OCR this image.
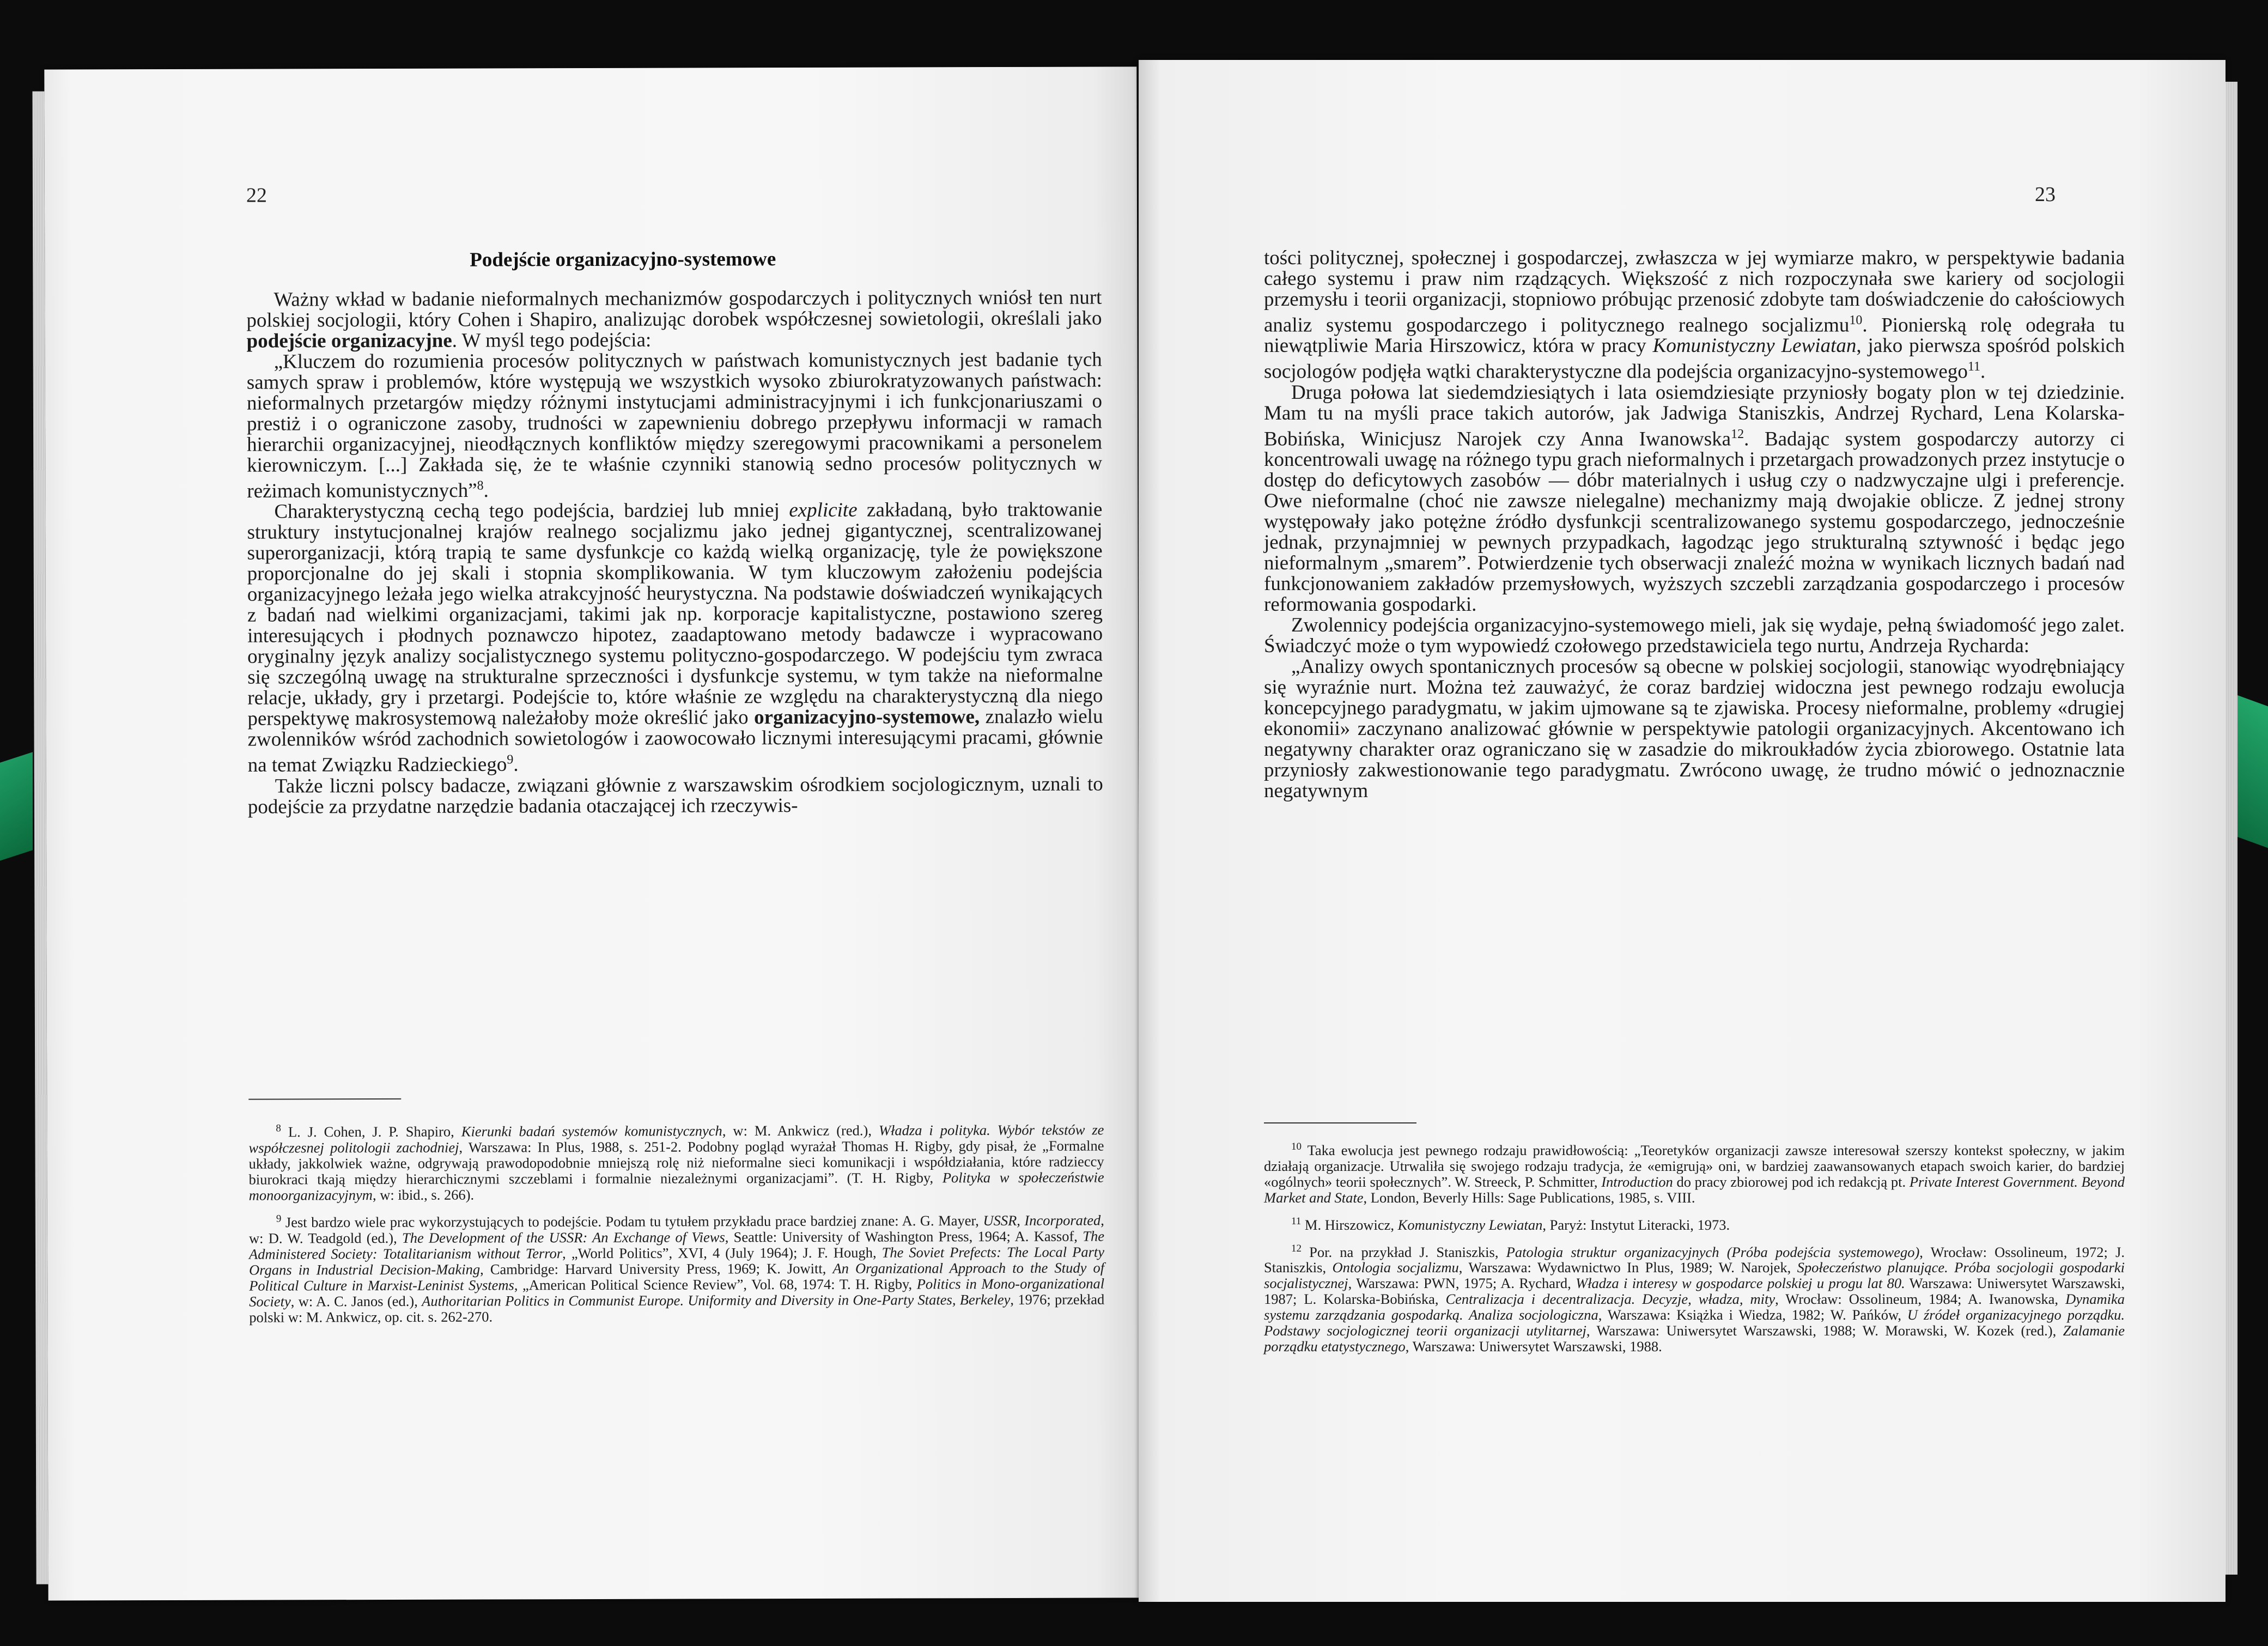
22
Podejście organizacyjno-systemowe

Ważny wkład w badanie nieformalnych mechanizmów gospodarczych i politycznych wniósł ten nurt polskiej socjologii, który Cohen i Shapiro, analizując dorobek współczesnej sowietologii, określali jako podejście organizacyjne. W myśl tego podejścia:

„Kluczem do rozumienia procesów politycznych w państwach komunistycznych jest badanie tych samych spraw i problemów, które występują we wszystkich wysoko zbiurokratyzowanych państwach: nieformalnych przetargów między różnymi instytucjami administracyjnymi i ich funkcjonariuszami o prestiż i o ograniczone zasoby, trudności w zapewnieniu dobrego przepływu informacji w ramach hierarchii organizacyjnej, nieodłącznych konfliktów między szeregowymi pracownikami a personelem kierowniczym. [...] Zakłada się, że te właśnie czynniki stanowią sedno procesów politycznych w reżimach komunistycznych”$^8$.

Charakterystyczną cechą tego podejścia, bardziej lub mniej explicite zakładaną, było traktowanie struktury instytucjonalnej krajów realnego socjalizmu jako jednej gigantycznej, scentralizowanej superorganizacji, którą trapią te same dysfunkcje co każdą wielką organizację, tyle że powiększone proporcjonalne do jej skali i stopnia skomplikowania. W tym kluczowym założeniu podejścia organizacyjnego leżała jego wielka atrakcyjność heurystyczna. Na podstawie doświadczeń wynikających z badań nad wielkimi organizacjami, takimi jak np. korporacje kapitalistyczne, postawiono szereg interesujących i płodnych poznawczo hipotez, zaadaptowano metody badawcze i wypracowano oryginalny język analizy socjalistycznego systemu polityczno-gospodarczego. W podejściu tym zwraca się szczególną uwagę na strukturalne sprzeczności i dysfunkcje systemu, w tym także na nieformalne relacje, układy, gry i przetargi. Podejście to, które właśnie ze względu na charakterystyczną dla niego perspektywę makrosystemową należałoby może określić jako organizacyjno-systemowe, znalazło wielu zwolenników wśród zachodnich sowietologów i zaowocowało licznymi interesującymi pracami, głównie na temat Związku Radzieckiego$^9$.

Także liczni polscy badacze, związani głównie z warszawskim ośrodkiem socjologicznym, uznali to podejście za przydatne narzędzie badania otaczającej ich rzeczywis-

$^8$ L. J. Cohen, J. P. Shapiro, Kierunki badań systemów komunistycznych, w: M. Ankwicz (red.), Władza i polityka. Wybór tekstów ze współczesnej politologii zachodniej, Warszawa: In Plus, 1988, s. 251-2. Podobny pogląd wyrażał Thomas H. Rigby, gdy pisał, że „Formalne układy, jakkolwiek ważne, odgrywają prawodopodobnie mniejszą rolę niż nieformalne sieci komunikacji i współdziałania, które radzieccy biurokraci tkają między hierarchicznymi szczeblami i formalnie niezależnymi organizacjami”. (T. H. Rigby, Polityka w społeczeństwie monoorganizacyjnym, w: ibid., s. 266).

$^9$ Jest bardzo wiele prac wykorzystujących to podejście. Podam tu tytułem przykładu prace bardziej znane: A. G. Mayer, USSR, Incorporated, w: D. W. Teadgold (ed.), The Development of the USSR: An Exchange of Views, Seattle: University of Washington Press, 1964; A. Kassof, The Administered Society: Totalitarianism without Terror, „World Politics”, XVI, 4 (July 1964); J. F. Hough, The Soviet Prefects: The Local Party Organs in Industrial Decision-Making, Cambridge: Harvard University Press, 1969; K. Jowitt, An Organizational Approach to the Study of Political Culture in Marxist-Leninist Systems, „American Political Science Review”, Vol. 68, 1974: T. H. Rigby, Politics in Mono-organizational Society, w: A. C. Janos (ed.), Authoritarian Politics in Communist Europe. Uniformity and Diversity in One-Party States, Berkeley, 1976; przekład polski w: M. Ankwicz, op. cit. s. 262-270.

23

tości politycznej, społecznej i gospodarczej, zwłaszcza w jej wymiarze makro, w perspektywie badania całego systemu i praw nim rządzących. Większość z nich rozpoczynała swe kariery od socjologii przemysłu i teorii organizacji, stopniowo próbując przenosić zdobyte tam doświadczenie do całościowych analiz systemu gospodarczego i politycznego realnego socjalizmu$^{10}$. Pionierską rolę odegrała tu niewątpliwie Maria Hirszowicz, która w pracy Komunistyczny Lewiatan, jako pierwsza spośród polskich socjologów podjęła wątki charakterystyczne dla podejścia organizacyjno-systemowego$^{11}$.

Druga połowa lat siedemdziesiątych i lata osiemdziesiąte przyniosły bogaty plon w tej dziedzinie. Mam tu na myśli prace takich autorów, jak Jadwiga Staniszkis, Andrzej Rychard, Lena Kolarska-Bobińska, Winicjusz Narojek czy Anna Iwanowska$^{12}$. Badając system gospodarczy autorzy ci koncentrowali uwagę na różnego typu grach nieformalnych i przetargach prowadzonych przez instytucje o dostęp do deficytowych zasobów — dóbr materialnych i usług czy o nadzwyczajne ulgi i preferencje. Owe nieformalne (choć nie zawsze nielegalne) mechanizmy mają dwojakie oblicze. Z jednej strony występowały jako potężne źródło dysfunkcji scentralizowanego systemu gospodarczego, jednocześnie jednak, przynajmniej w pewnych przypadkach, łagodząc jego strukturalną sztywność i będąc jego nieformalnym „smarem”. Potwierdzenie tych obserwacji znaleźć można w wynikach licznych badań nad funkcjonowaniem zakładów przemysłowych, wyższych szczebli zarządzania gospodarczego i procesów reformowania gospodarki.

Zwolennicy podejścia organizacyjno-systemowego mieli, jak się wydaje, pełną świadomość jego zalet. Świadczyć może o tym wypowiedź czołowego przedstawiciela tego nurtu, Andrzeja Rycharda:

„Analizy owych spontanicznych procesów są obecne w polskiej socjologii, stanowiąc wyodrębniający się wyraźnie nurt. Można też zauważyć, że coraz bardziej widoczna jest pewnego rodzaju ewolucja koncepcyjnego paradygmatu, w jakim ujmowane są te zjawiska. Procesy nieformalne, problemy «drugiej ekonomii» zaczynano analizować głównie w perspektywie patologii organizacyjnych. Akcentowano ich negatywny charakter oraz ograniczano się w zasadzie do mikroukładów życia zbiorowego. Ostatnie lata przyniosły zakwestionowanie tego paradygmatu. Zwrócono uwagę, że trudno mówić o jednoznacznie negatywnym

$^{10}$ Taka ewolucja jest pewnego rodzaju prawidłowością: „Teoretyków organizacji zawsze interesował szerszy kontekst społeczny, w jakim działają organizacje. Utrwaliła się swojego rodzaju tradycja, że «emigrują» oni, w bardziej zaawansowanych etapach swoich karier, do bardziej «ogólnych» teorii społecznych”. W. Streeck, P. Schmitter, Introduction do pracy zbiorowej pod ich redakcją pt. Private Interest Government. Beyond Market and State, London, Beverly Hills: Sage Publications, 1985, s. VIII.

$^{11}$ M. Hirszowicz, Komunistyczny Lewiatan, Paryż: Instytut Literacki, 1973.

$^{12}$ Por. na przykład J. Staniszkis, Patologia struktur organizacyjnych (Próba podejścia systemowego), Wrocław: Ossolineum, 1972; J. Staniszkis, Ontologia socjalizmu, Warszawa: Wydawnictwo In Plus, 1989; W. Narojek, Społeczeństwo planujące. Próba socjologii gospodarki socjalistycznej, Warszawa: PWN, 1975; A. Rychard, Władza i interesy w gospodarce polskiej u progu lat 80. Warszawa: Uniwersytet Warszawski, 1987; L. Kolarska-Bobińska, Centralizacja i decentralizacja. Decyzje, władza, mity, Wrocław: Ossolineum, 1984; A. Iwanowska, Dynamika systemu zarządzania gospodarką. Analiza socjologiczna, Warszawa: Książka i Wiedza, 1982; W. Pańków, U źródeł organizacyjnego porządku. Podstawy socjologicznej teorii organizacji utylitarnej, Warszawa: Uniwersytet Warszawski, 1988; W. Morawski, W. Kozek (red.), Zalamanie porządku etatystycznego, Warszawa: Uniwersytet Warszawski, 1988.
